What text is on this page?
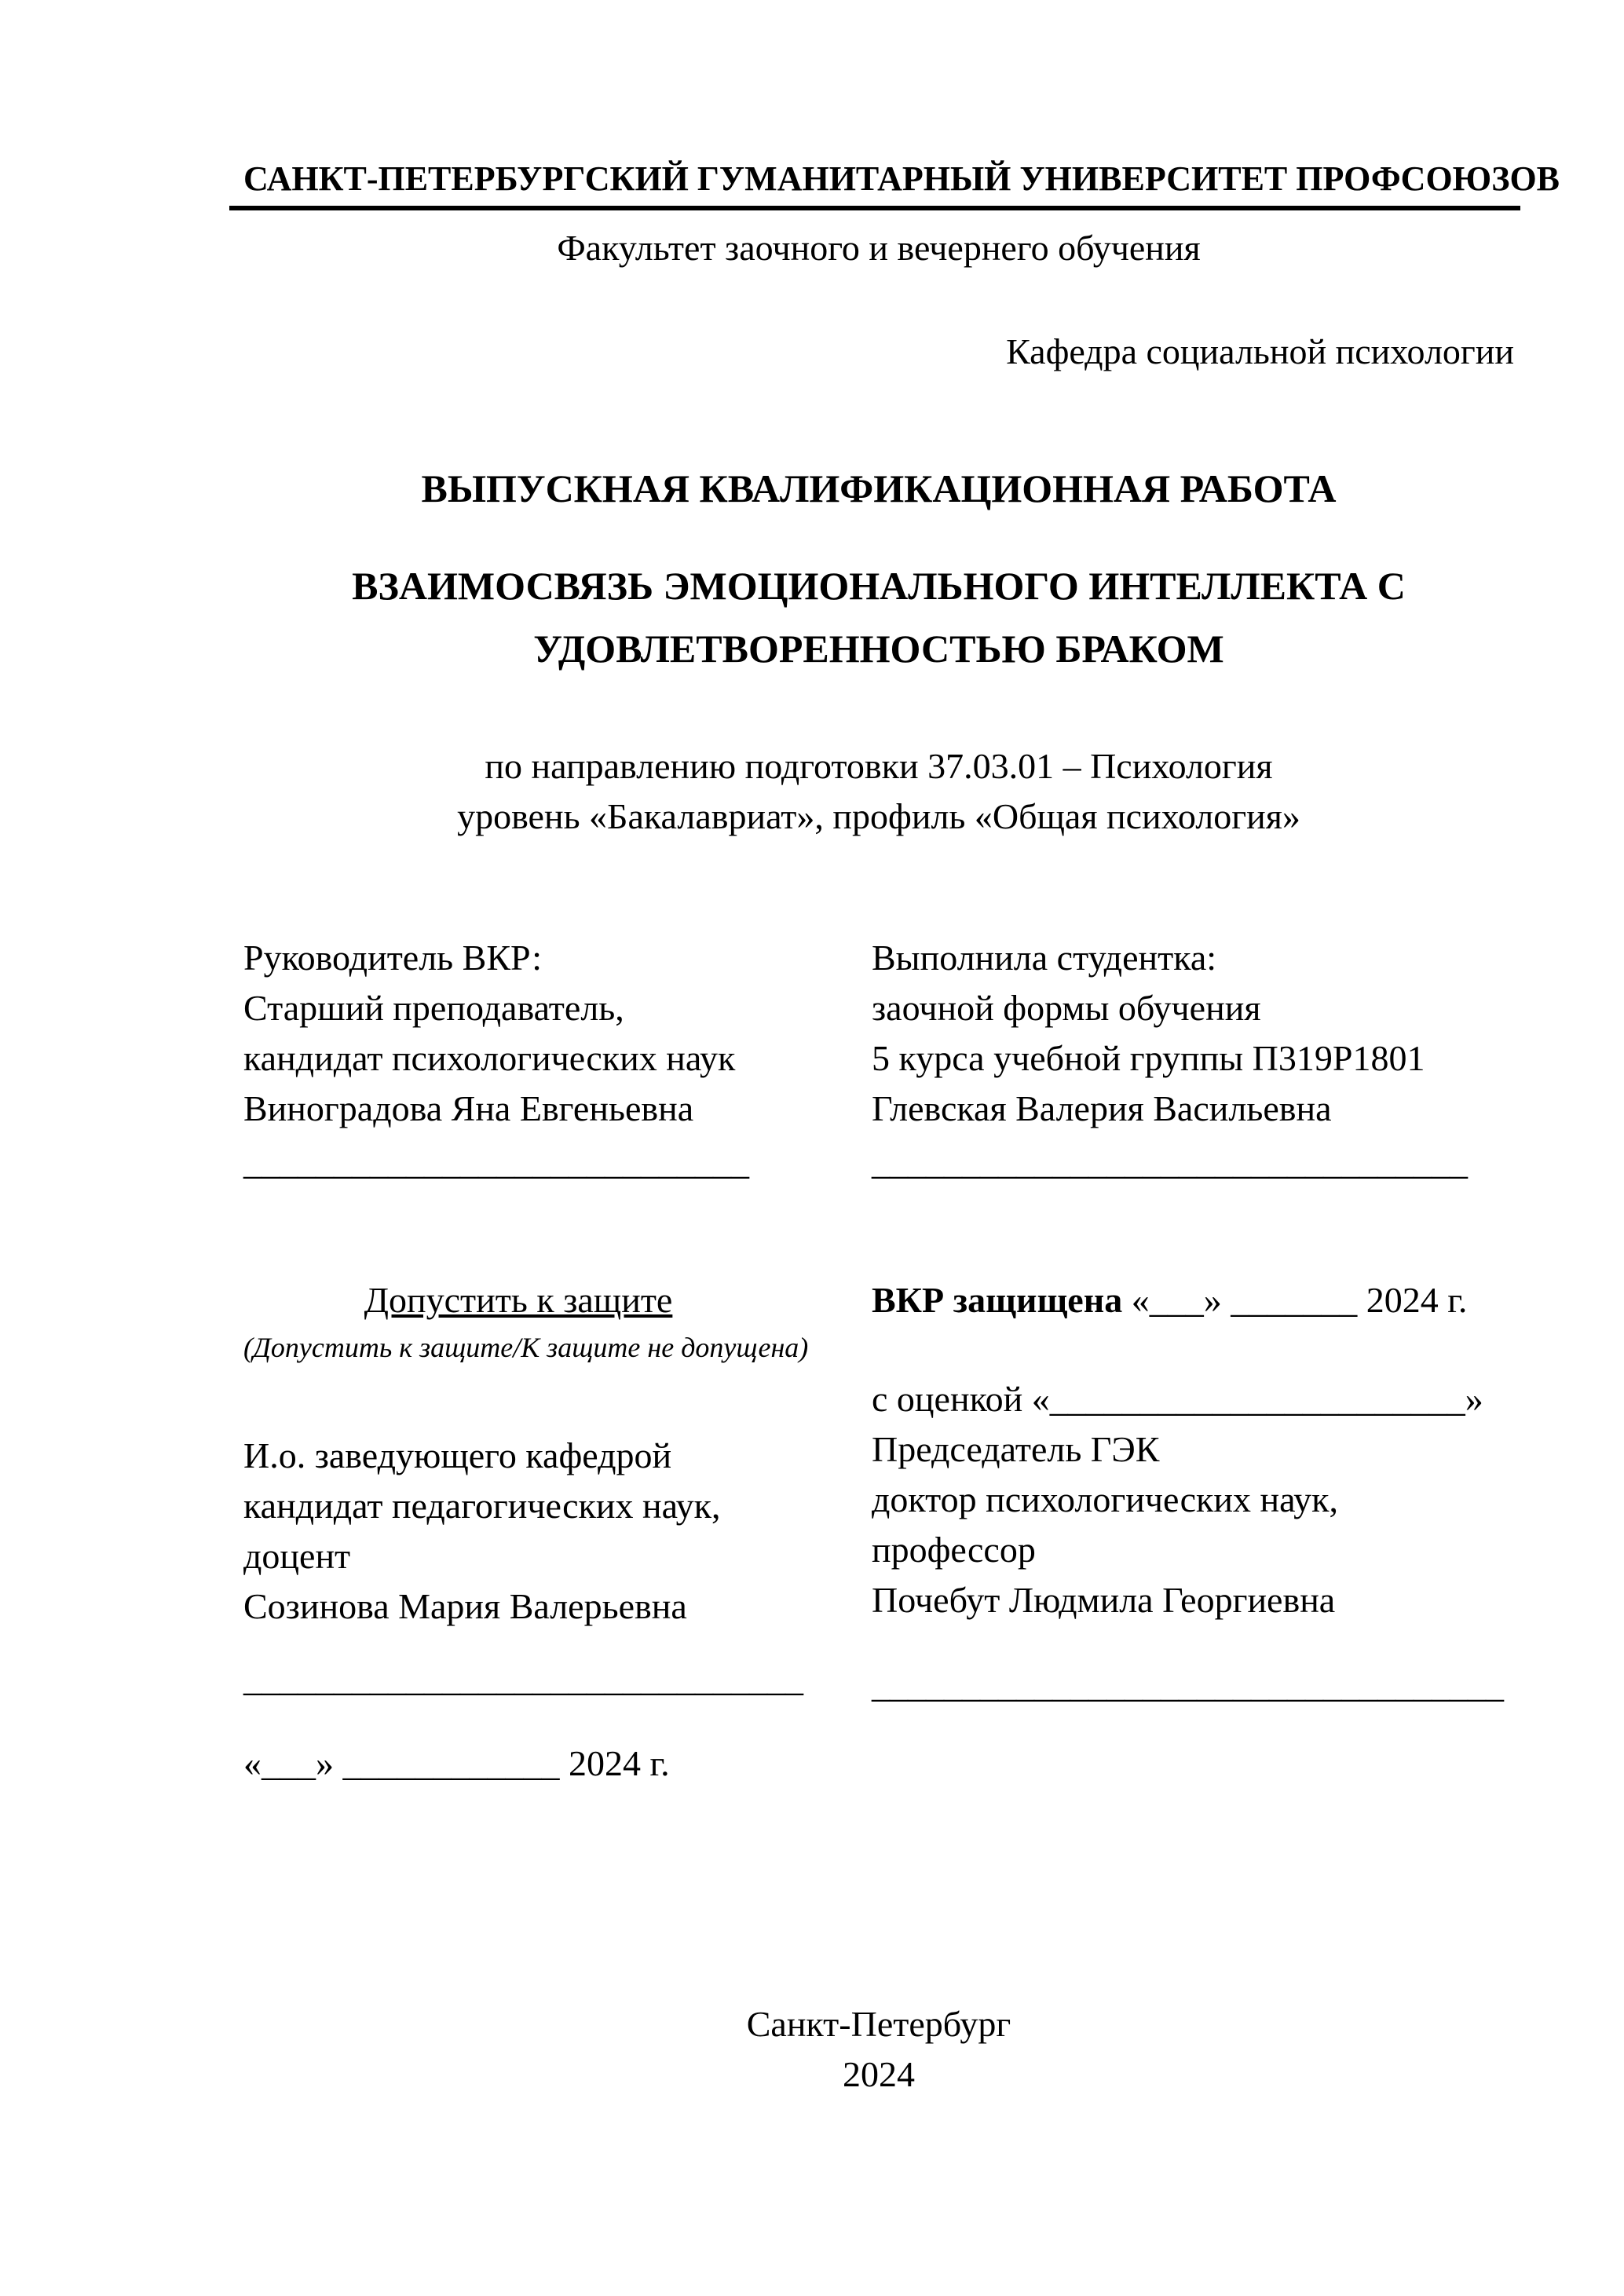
САНКТ-ПЕТЕРБУРГСКИЙ ГУМАНИТАРНЫЙ УНИВЕРСИТЕТ ПРОФСОЮЗОВ
Факультет заочного и вечернего обучения
Кафедра социальной психологии
ВЫПУСКНАЯ КВАЛИФИКАЦИОННАЯ РАБОТА
ВЗАИМОСВЯЗЬ ЭМОЦИОНАЛЬНОГО ИНТЕЛЛЕКТА С
УДОВЛЕТВОРЕННОСТЬЮ БРАКОМ
по направлению подготовки 37.03.01 – Психология
уровень «Бакалавриат», профиль «Общая психология»
Руководитель ВКР:
Старший преподаватель,
кандидат психологических наук
Виноградова Яна Евгеньевна
____________________________
Выполнила студентка:
заочной формы обучения
5 курса учебной группы П319Р1801
Глевская Валерия Васильевна
_________________________________
Допустить к защите
(Допустить к защите/К защите не допущена)
И.о. заведующего кафедрой
кандидат педагогических наук,
доцент
Созинова Мария Валерьевна
_______________________________
«___» ____________ 2024 г.
ВКР защищена «___» _______ 2024 г.
с оценкой «_______________________»
Председатель ГЭК
доктор психологических наук,
профессор
Почебут Людмила Георгиевна
___________________________________
Санкт-Петербург
2024
